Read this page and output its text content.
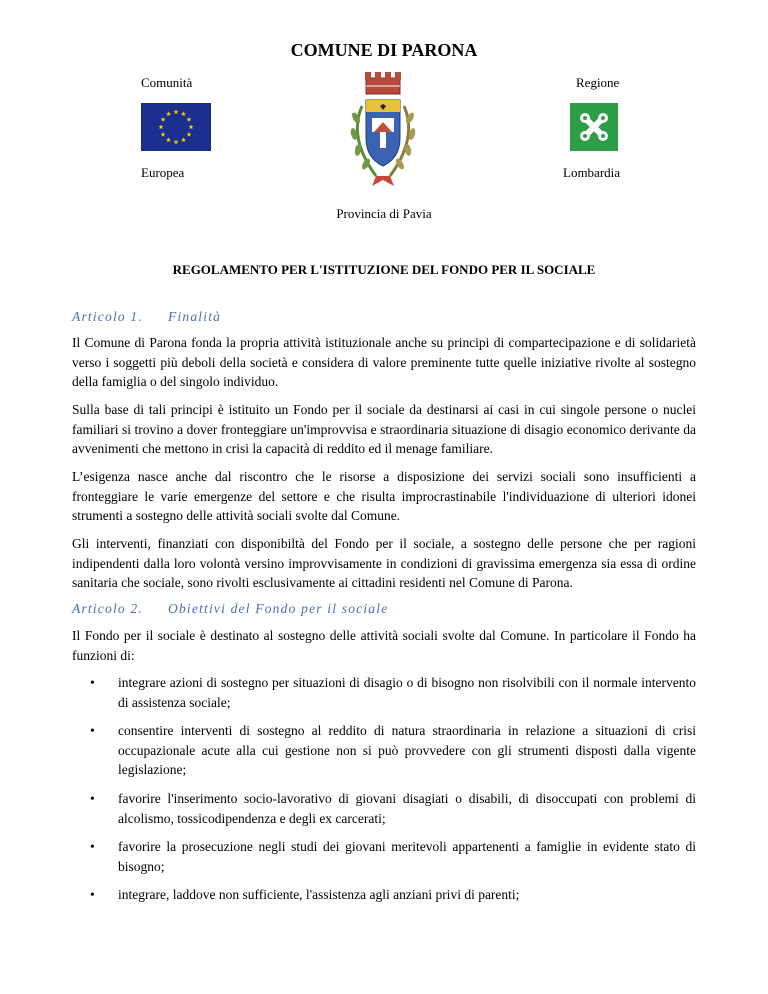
COMUNE DI PARONA
Comunità
Europea
Regione
Lombardia
Provincia di Pavia
REGOLAMENTO PER L'ISTITUZIONE DEL FONDO PER IL SOCIALE
Articolo 1. Finalità

Il Comune di Parona fonda la propria attività istituzionale anche su principi di compartecipazione e di solidarietà verso i soggetti più deboli della società e considera di valore preminente tutte quelle iniziative rivolte al sostegno della famiglia o del singolo individuo.

Sulla base di tali principi è istituito un Fondo per il sociale da destinarsi ai casi in cui singole persone o nuclei familiari si trovino a dover fronteggiare un'improvvisa e straordinaria situazione di disagio economico derivante da avvenimenti che mettono in crisi la capacità di reddito ed il menage familiare.

L’esigenza nasce anche dal riscontro che le risorse a disposizione dei servizi sociali sono insufficienti a fronteggiare le varie emergenze del settore e che risulta improcrastinabile l'individuazione di ulteriori idonei strumenti a sostegno delle attività sociali svolte dal Comune.

Gli interventi, finanziati con disponibiltà del Fondo per il sociale, a sostegno delle persone che per ragioni indipendenti dalla loro volontà versino improvvisamente in condizioni di gravissima emergenza sia essa di ordine sanitaria che sociale, sono rivolti esclusivamente ai cittadini residenti nel Comune di Parona.

Articolo 2. Obiettivi del Fondo per il sociale

Il Fondo per il sociale è destinato al sostegno delle attività sociali svolte dal Comune. In particolare il Fondo ha funzioni di:

• integrare azioni di sostegno per situazioni di disagio o di bisogno non risolvibili con il normale intervento di assistenza sociale;
• consentire interventi di sostegno al reddito di natura straordinaria in relazione a situazioni di crisi occupazionale acute alla cui gestione non si può provvedere con gli strumenti disposti dalla vigente legislazione;
• favorire l'inserimento socio-lavorativo di giovani disagiati o disabili, di disoccupati con problemi di alcolismo, tossicodipendenza e degli ex carcerati;
• favorire la prosecuzione negli studi dei giovani meritevoli appartenenti a famiglie in evidente stato di bisogno;
• integrare, laddove non sufficiente, l'assistenza agli anziani privi di parenti;
